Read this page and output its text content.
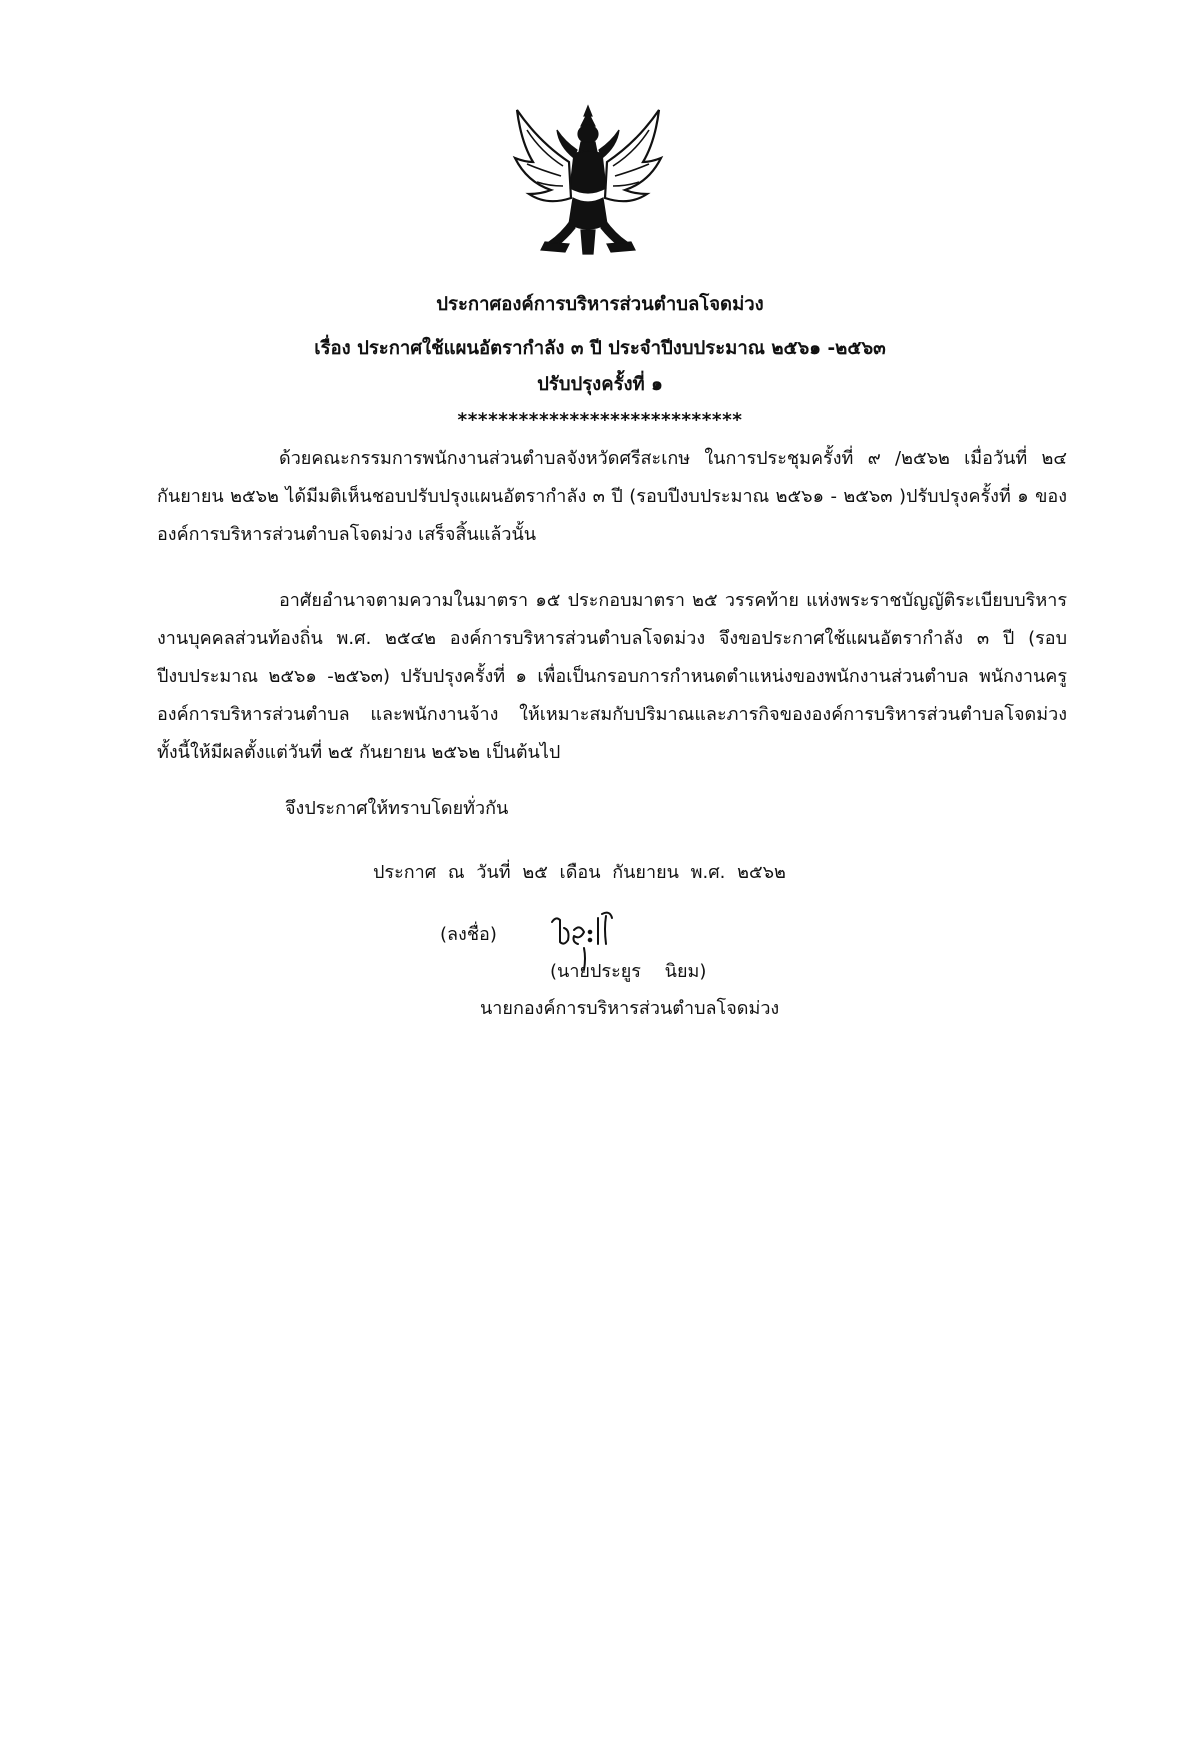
ประกาศองค์การบริหารส่วนตำบลโจดม่วง
เรื่อง ประกาศใช้แผนอัตรากำลัง ๓ ปี ประจำปีงบประมาณ ๒๕๖๑ -๒๕๖๓
ปรับปรุงครั้งที่ ๑
****************************
ด้วยคณะกรรมการพนักงานส่วนตำบลจังหวัดศรีสะเกษ ในการประชุมครั้งที่ ๙ /๒๕๖๒ เมื่อวันที่ ๒๔ กันยายน ๒๕๖๒ ได้มีมติเห็นชอบปรับปรุงแผนอัตรากำลัง ๓ ปี (รอบปีงบประมาณ ๒๕๖๑ - ๒๕๖๓ )ปรับปรุงครั้งที่ ๑ ขององค์การบริหารส่วนตำบลโจดม่วง เสร็จสิ้นแล้วนั้น
อาศัยอำนาจตามความในมาตรา ๑๕ ประกอบมาตรา ๒๕ วรรคท้าย แห่งพระราชบัญญัติระเบียบบริหารงานบุคคลส่วนท้องถิ่น พ.ศ. ๒๕๔๒ องค์การบริหารส่วนตำบลโจดม่วง จึงขอประกาศใช้แผนอัตรากำลัง ๓ ปี (รอบปีงบประมาณ ๒๕๖๑ -๒๕๖๓) ปรับปรุงครั้งที่ ๑ เพื่อเป็นกรอบการกำหนดตำแหน่งของพนักงานส่วนตำบล พนักงานครูองค์การบริหารส่วนตำบล และพนักงานจ้าง ให้เหมาะสมกับปริมาณและภารกิจขององค์การบริหารส่วนตำบลโจดม่วง ทั้งนี้ให้มีผลตั้งแต่วันที่ ๒๕ กันยายน ๒๕๖๒ เป็นต้นไป
จึงประกาศให้ทราบโดยทั่วกัน
ประกาศ ณ วันที่ ๒๕ เดือน กันยายน พ.ศ. ๒๕๖๒
(ลงชื่อ)
(นายประยูร นิยม)
นายกองค์การบริหารส่วนตำบลโจดม่วง
